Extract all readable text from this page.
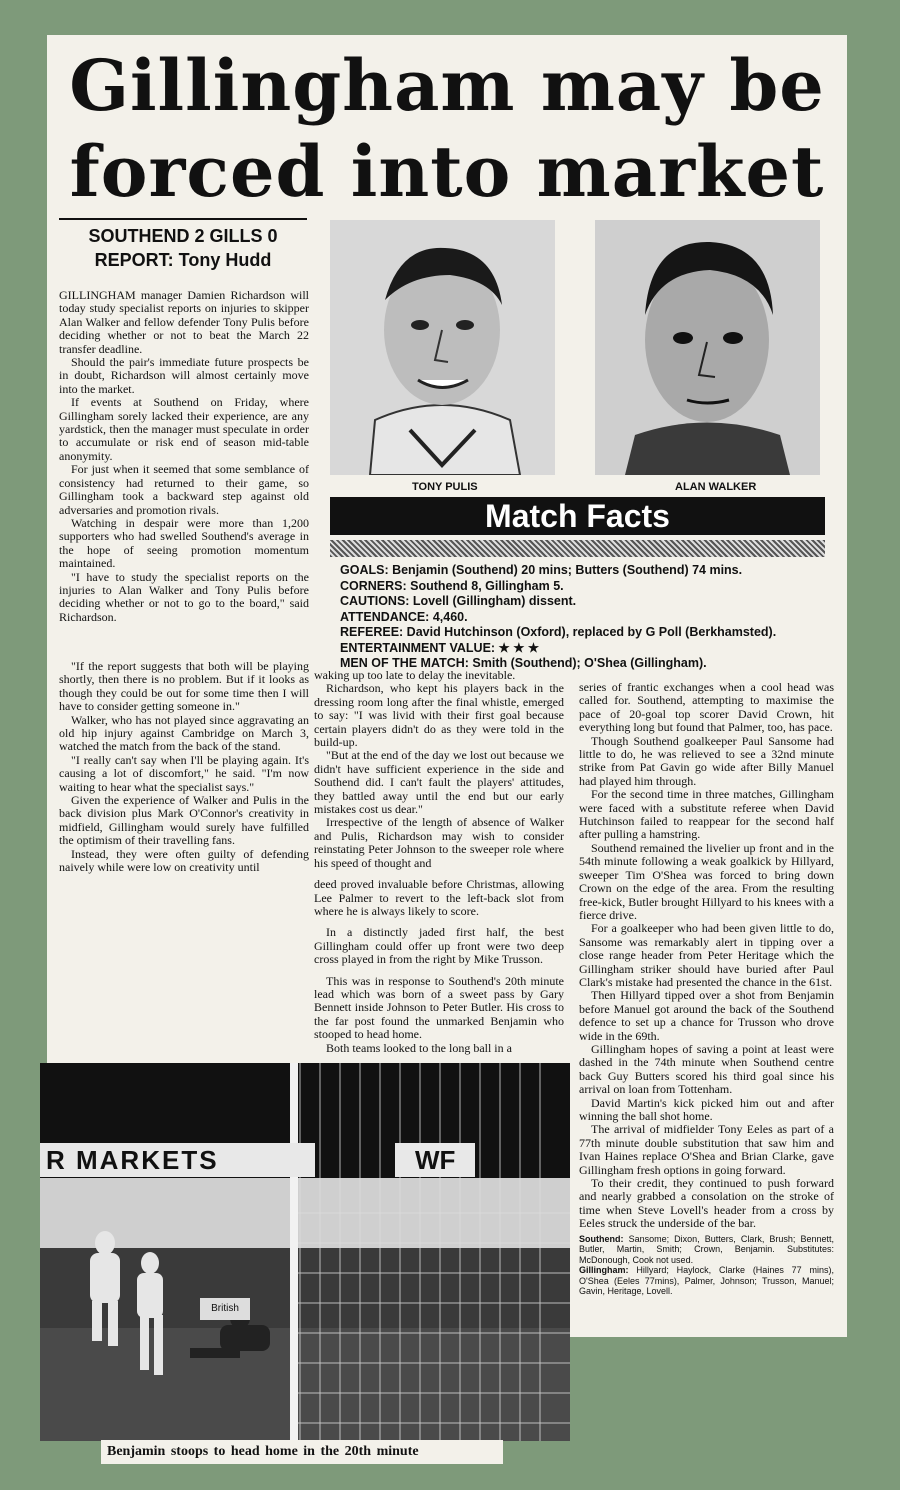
Gillingham may be
forced into market
SOUTHEND 2 GILLS 0
REPORT: Tony Hudd

GILLINGHAM manager Damien Richardson will today study specialist reports on injuries to skipper Alan Walker and fellow defender Tony Pulis before deciding whether or not to beat the March 22 transfer deadline.

Should the pair's immediate future prospects be in doubt, Richardson will almost certainly move into the market.

If events at Southend on Friday, where Gillingham sorely lacked their experience, are any yardstick, then the manager must speculate in order to accumulate or risk end of season mid-table anonymity.

For just when it seemed that some semblance of consistency had returned to their game, so Gillingham took a backward step against old adversaries and promotion rivals.

Watching in despair were more than 1,200 supporters who had swelled Southend's average in the hope of seeing promotion momentum maintained.

"I have to study the specialist reports on the injuries to Alan Walker and Tony Pulis before deciding whether or not to go to the board," said Richardson.

"If the report suggests that both will be playing shortly, then there is no problem. But if it looks as though they could be out for some time then I will have to consider getting someone in."

Walker, who has not played since aggravating an old hip injury against Cambridge on March 3, watched the match from the back of the stand.

"I really can't say when I'll be playing again. It's causing a lot of discomfort," he said. "I'm now waiting to hear what the specialist says."

Given the experience of Walker and Pulis in the back division plus Mark O'Connor's creativity in midfield, Gillingham would surely have fulfilled the optimism of their travelling fans.

Instead, they were often guilty of defending naively while were low on creativity until

TONY PULIS	ALAN WALKER
Match Facts
GOALS: Benjamin (Southend) 20 mins; Butters (Southend) 74 mins.
CORNERS: Southend 8, Gillingham 5.
CAUTIONS: Lovell (Gillingham) dissent.
ATTENDANCE: 4,460.
REFEREE: David Hutchinson (Oxford), replaced by G Poll (Berkhamsted).
ENTERTAINMENT VALUE: ★ ★ ★
MEN OF THE MATCH: Smith (Southend); O'Shea (Gillingham).

waking up too late to delay the inevitable.

Richardson, who kept his players back in the dressing room long after the final whistle, emerged to say: "I was livid with their first goal because certain players didn't do as they were told in the build-up.

"But at the end of the day we lost out because we didn't have sufficient experience in the side and Southend did. I can't fault the players' attitudes, they battled away until the end but our early mistakes cost us dear."

Irrespective of the length of absence of Walker and Pulis, Richardson may wish to consider reinstating Peter Johnson to the sweeper role where his speed of thought and

deed proved invaluable before Christmas, allowing Lee Palmer to revert to the left-back slot from where he is always likely to score.

In a distinctly jaded first half, the best Gillingham could offer up front were two deep cross played in from the right by Mike Trusson.

This was in response to Southend's 20th minute lead which was born of a sweet pass by Gary Bennett inside Johnson to Peter Butler. His cross to the far post found the unmarked Benjamin who stooped to head home.

Both teams looked to the long ball in a

series of frantic exchanges when a cool head was called for. Southend, attempting to maximise the pace of 20-goal top scorer David Crown, hit everything long but found that Palmer, too, has pace.

Though Southend goalkeeper Paul Sansome had little to do, he was relieved to see a 32nd minute strike from Pat Gavin go wide after Billy Manuel had played him through.

For the second time in three matches, Gillingham were faced with a substitute referee when David Hutchinson failed to reappear for the second half after pulling a hamstring.

Southend remained the livelier up front and in the 54th minute following a weak goalkick by Hillyard, sweeper Tim O'Shea was forced to bring down Crown on the edge of the area. From the resulting free-kick, Butler brought Hillyard to his knees with a fierce drive.

For a goalkeeper who had been given little to do, Sansome was remarkably alert in tipping over a close range header from Peter Heritage which the Gillingham striker should have buried after Paul Clark's mistake had presented the chance in the 61st.

Then Hillyard tipped over a shot from Benjamin before Manuel got around the back of the Southend defence to set up a chance for Trusson who drove wide in the 69th.

Gillingham hopes of saving a point at least were dashed in the 74th minute when Southend centre back Guy Butters scored his third goal since his arrival on loan from Tottenham.

David Martin's kick picked him out and after winning the ball shot home.

The arrival of midfielder Tony Eeles as part of a 77th minute double substitution that saw him and Ivan Haines replace O'Shea and Brian Clarke, gave Gillingham fresh options in going forward.

To their credit, they continued to push forward and nearly grabbed a consolation on the stroke of time when Steve Lovell's header from a cross by Eeles struck the underside of the bar.

Southend: Sansome; Dixon, Butters, Clark, Brush; Bennett, Butler, Martin, Smith; Crown, Benjamin. Substitutes: McDonough, Cook not used.
Gillingham: Hillyard; Haylock, Clarke (Haines 77 mins), O'Shea (Eeles 77mins), Palmer, Johnson; Trusson, Manuel; Gavin, Heritage, Lovell.
R MARKETS	WF
British
Benjamin stoops to head home in the 20th minute
